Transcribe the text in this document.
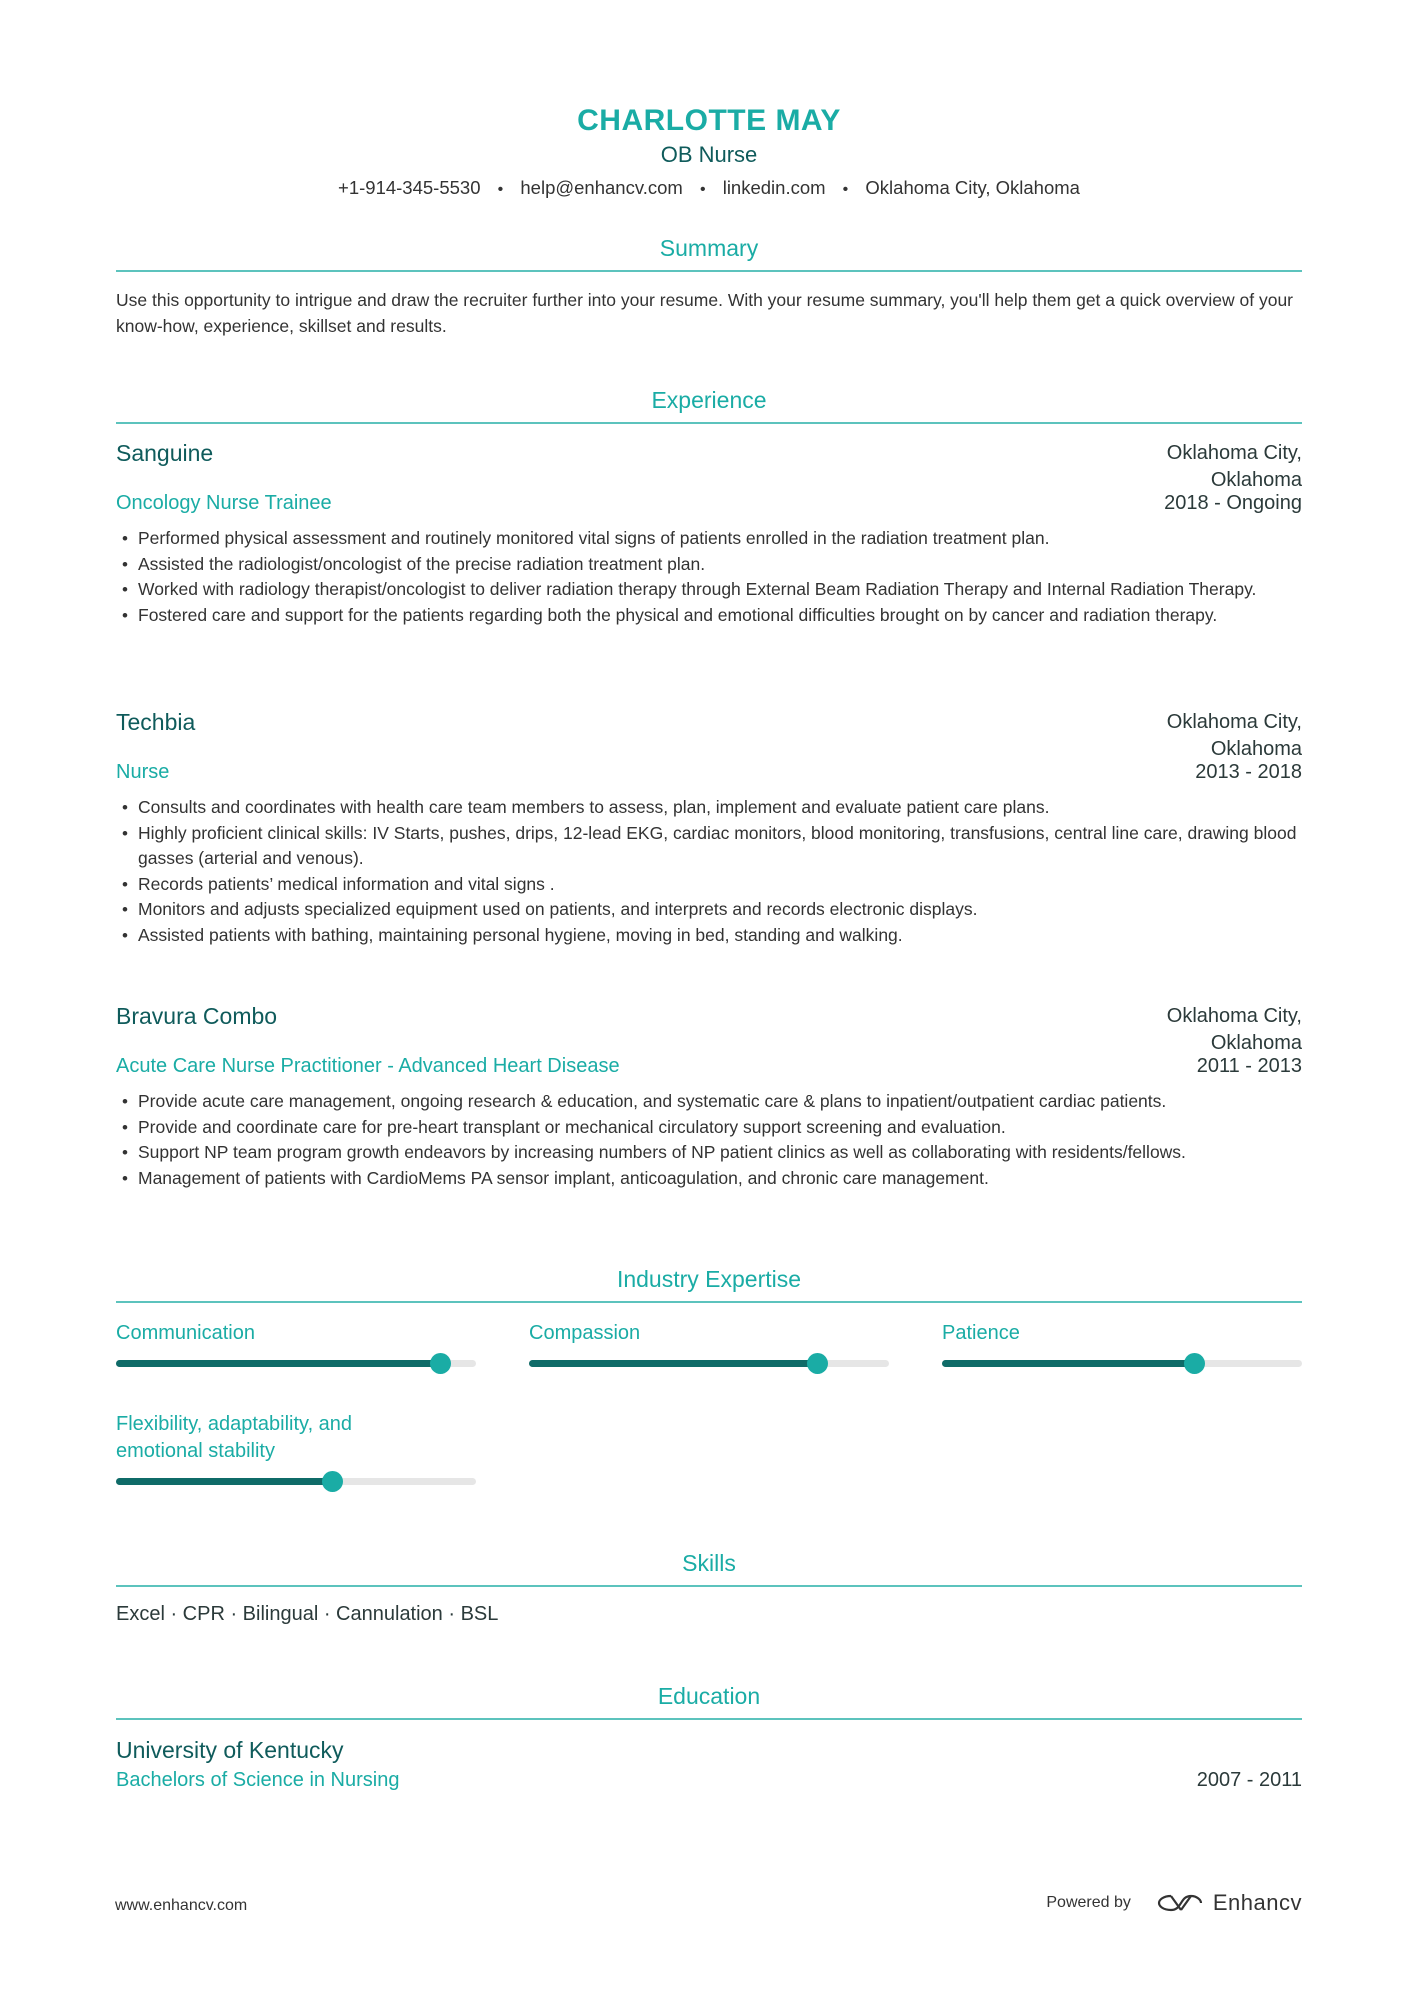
CHARLOTTE MAY
OB Nurse
+1-914-345-5530 • help@enhancv.com • linkedin.com • Oklahoma City, Oklahoma
Summary
Use this opportunity to intrigue and draw the recruiter further into your resume. With your resume summary, you'll help them get a quick overview of your know-how, experience, skillset and results.
Experience
Sanguine	Oklahoma City, Oklahoma
Oncology Nurse Trainee	2018 - Ongoing
• Performed physical assessment and routinely monitored vital signs of patients enrolled in the radiation treatment plan.
• Assisted the radiologist/oncologist of the precise radiation treatment plan.
• Worked with radiology therapist/oncologist to deliver radiation therapy through External Beam Radiation Therapy and Internal Radiation Therapy.
• Fostered care and support for the patients regarding both the physical and emotional difficulties brought on by cancer and radiation therapy.
Techbia	Oklahoma City, Oklahoma
Nurse	2013 - 2018
• Consults and coordinates with health care team members to assess, plan, implement and evaluate patient care plans.
• Highly proficient clinical skills: IV Starts, pushes, drips, 12-lead EKG, cardiac monitors, blood monitoring, transfusions, central line care, drawing blood gasses (arterial and venous).
• Records patients’ medical information and vital signs .
• Monitors and adjusts specialized equipment used on patients, and interprets and records electronic displays.
• Assisted patients with bathing, maintaining personal hygiene, moving in bed, standing and walking.
Bravura Combo	Oklahoma City, Oklahoma
Acute Care Nurse Practitioner - Advanced Heart Disease	2011 - 2013
• Provide acute care management, ongoing research & education, and systematic care & plans to inpatient/outpatient cardiac patients.
• Provide and coordinate care for pre-heart transplant or mechanical circulatory support screening and evaluation.
• Support NP team program growth endeavors by increasing numbers of NP patient clinics as well as collaborating with residents/fellows.
• Management of patients with CardioMems PA sensor implant, anticoagulation, and chronic care management.
Industry Expertise
Communication	Compassion	Patience
Flexibility, adaptability, and emotional stability
Skills
Excel · CPR · Bilingual · Cannulation · BSL
Education
University of Kentucky
Bachelors of Science in Nursing	2007 - 2011
www.enhancv.com	Powered by	Enhancv
